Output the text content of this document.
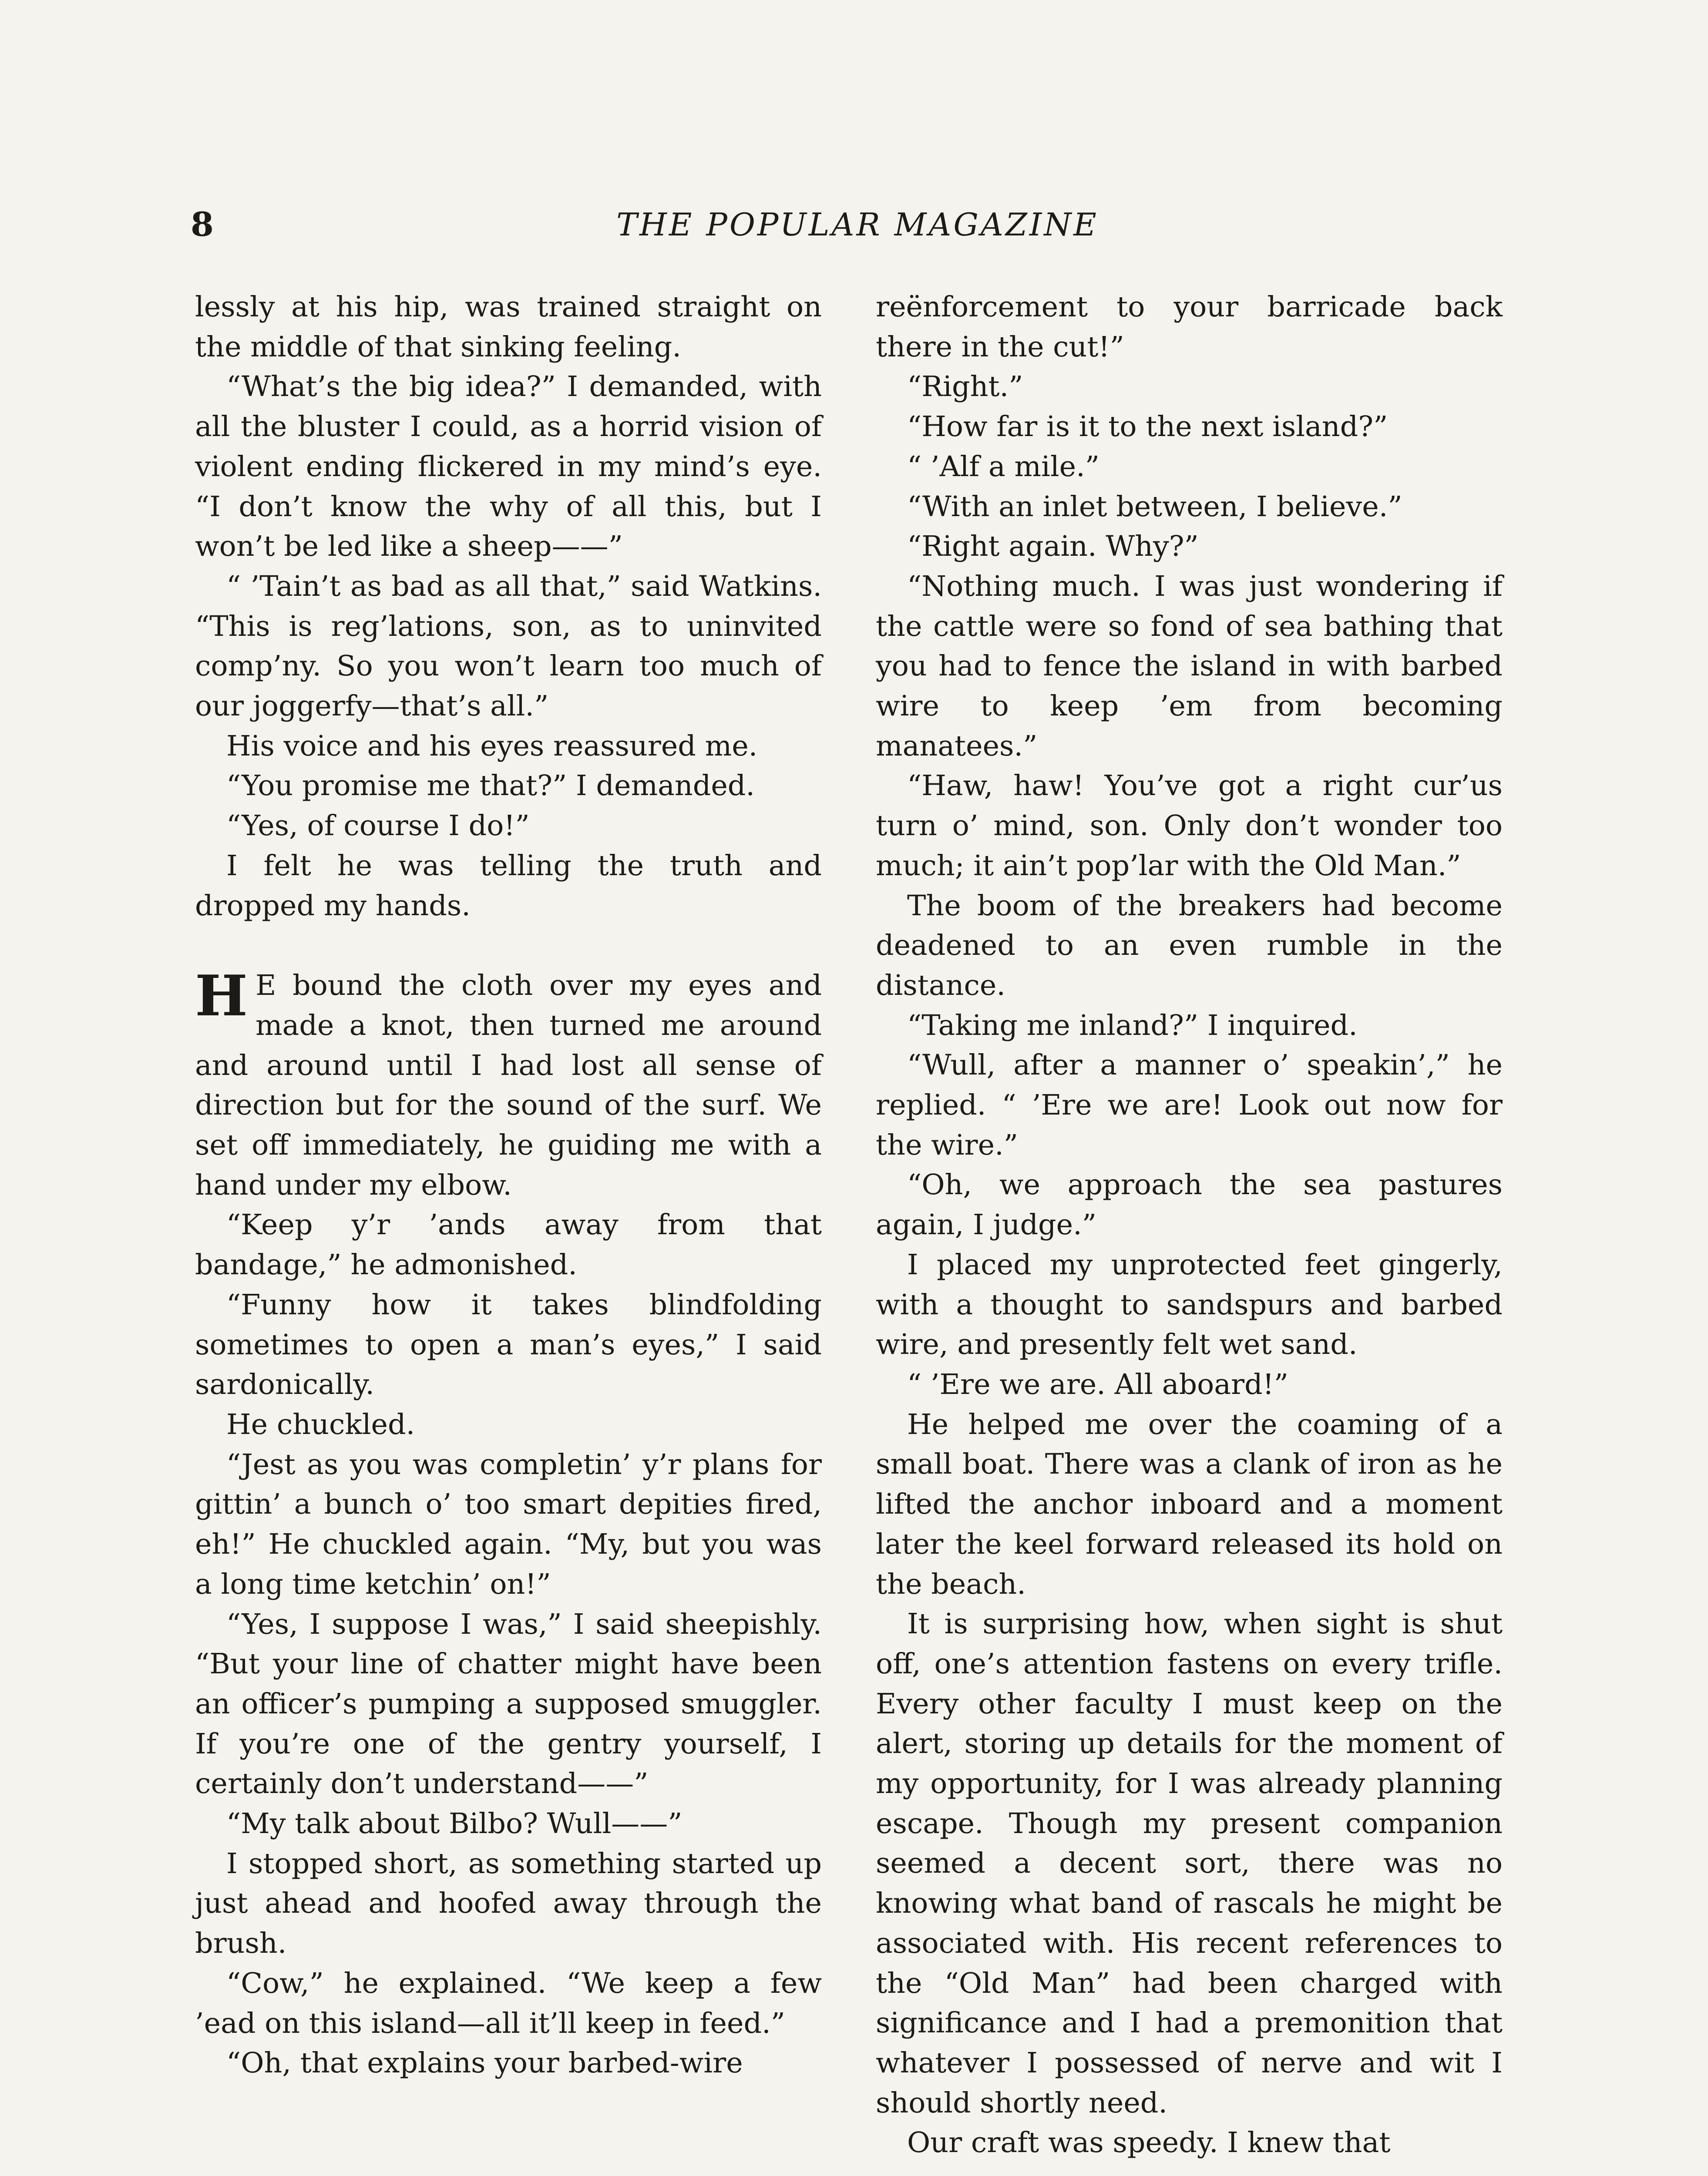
8	THE POPULAR MAGAZINE

lessly at his hip, was trained straight on the middle of that sinking feeling.

“What’s the big idea?” I demanded, with all the bluster I could, as a horrid vision of violent ending flickered in my mind’s eye. “I don’t know the why of all this, but I won’t be led like a sheep——”

“ ’Tain’t as bad as all that,” said Watkins. “This is reg’lations, son, as to uninvited comp’ny. So you won’t learn too much of our joggerfy—that’s all.”

His voice and his eyes reassured me.

“You promise me that?” I demanded.

“Yes, of course I do!”

I felt he was telling the truth and dropped my hands.

H E bound the cloth over my eyes and made a knot, then turned me around and around until I had lost all sense of direction but for the sound of the surf. We set off immediately, he guiding me with a hand under my elbow.

“Keep y’r ’ands away from that bandage,” he admonished.

“Funny how it takes blindfolding sometimes to open a man’s eyes,” I said sardonically.

He chuckled.

“Jest as you was completin’ y’r plans for gittin’ a bunch o’ too smart depities fired, eh!” He chuckled again. “My, but you was a long time ketchin’ on!”

“Yes, I suppose I was,” I said sheepishly. “But your line of chatter might have been an officer’s pumping a supposed smuggler. If you’re one of the gentry yourself, I certainly don’t understand——”

“My talk about Bilbo? Wull——”

I stopped short, as something started up just ahead and hoofed away through the brush.

“Cow,” he explained. “We keep a few ’ead on this island—all it’ll keep in feed.”

“Oh, that explains your barbed-wire

reënforcement to your barricade back there in the cut!”

“Right.”

“How far is it to the next island?”

“ ’Alf a mile.”

“With an inlet between, I believe.”

“Right again. Why?”

“Nothing much. I was just wondering if the cattle were so fond of sea bathing that you had to fence the island in with barbed wire to keep ’em from becoming manatees.”

“Haw, haw! You’ve got a right cur’us turn o’ mind, son. Only don’t wonder too much; it ain’t pop’lar with the Old Man.”

The boom of the breakers had become deadened to an even rumble in the distance.

“Taking me inland?” I inquired.

“Wull, after a manner o’ speakin’,” he replied. “ ’Ere we are! Look out now for the wire.”

“Oh, we approach the sea pastures again, I judge.”

I placed my unprotected feet gingerly, with a thought to sandspurs and barbed wire, and presently felt wet sand.

“ ’Ere we are. All aboard!”

He helped me over the coaming of a small boat. There was a clank of iron as he lifted the anchor inboard and a moment later the keel forward released its hold on the beach.

It is surprising how, when sight is shut off, one’s attention fastens on every trifle. Every other faculty I must keep on the alert, storing up details for the moment of my opportunity, for I was already planning escape. Though my present companion seemed a decent sort, there was no knowing what band of rascals he might be associated with. His recent references to the “Old Man” had been charged with significance and I had a premonition that whatever I possessed of nerve and wit I should shortly need.

Our craft was speedy. I knew that
